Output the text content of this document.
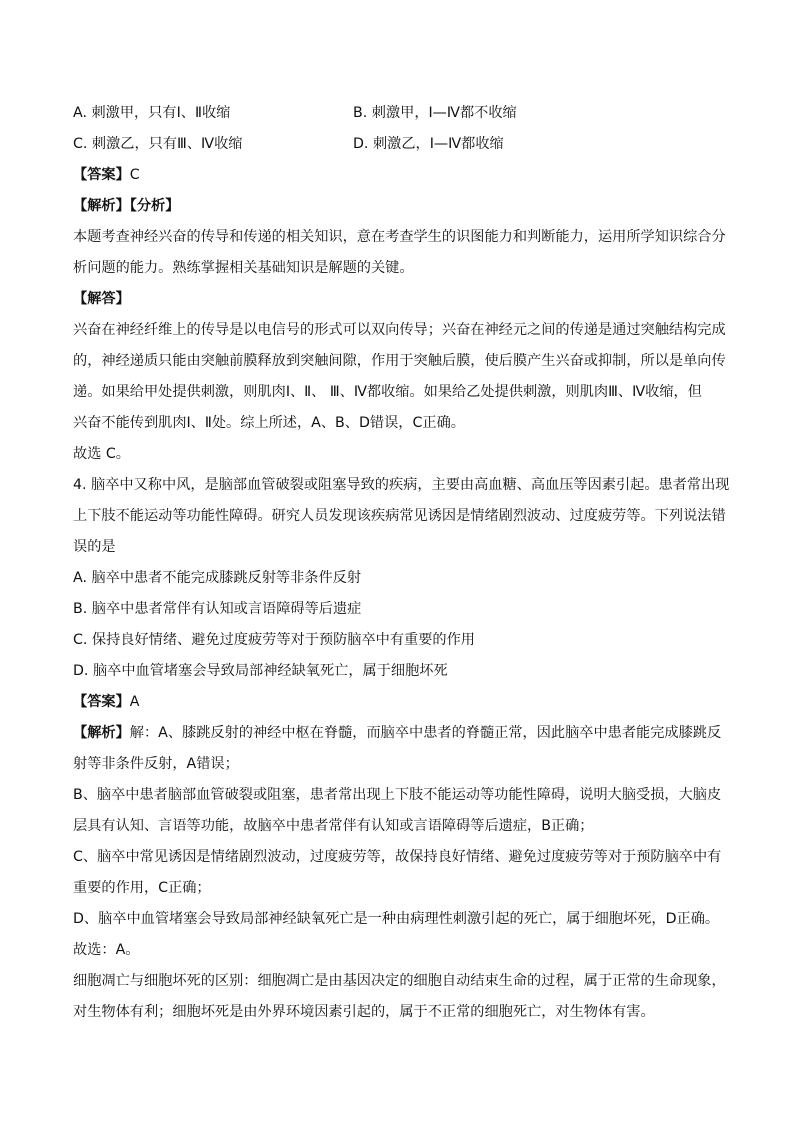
A. 刺激甲，只有Ⅰ、Ⅱ收缩	B. 刺激甲，Ⅰ—Ⅳ都不收缩
C. 刺激乙，只有Ⅲ、Ⅳ收缩	D. 刺激乙，Ⅰ—Ⅳ都收缩
【答案】C
【解析】【分析】
本题考查神经兴奋的传导和传递的相关知识，意在考查学生的识图能力和判断能力，运用所学知识综合分
析问题的能力。熟练掌握相关基础知识是解题的关键。
【解答】
兴奋在神经纤维上的传导是以电信号的形式可以双向传导；兴奋在神经元之间的传递是通过突触结构完成
的，神经递质只能由突触前膜释放到突触间隙，作用于突触后膜，使后膜产生兴奋或抑制，所以是单向传
递。如果给甲处提供刺激，则肌肉Ⅰ、Ⅱ、 Ⅲ、Ⅳ都收缩。如果给乙处提供刺激，则肌肉Ⅲ、Ⅳ收缩，但
兴奋不能传到肌肉Ⅰ、Ⅱ处。综上所述，A、B、D错误，C正确。
故选 C。
4. 脑卒中又称中风，是脑部血管破裂或阻塞导致的疾病，主要由高血糖、高血压等因素引起。患者常出现
上下肢不能运动等功能性障碍。研究人员发现该疾病常见诱因是情绪剧烈波动、过度疲劳等。下列说法错
误的是
A. 脑卒中患者不能完成膝跳反射等非条件反射
B. 脑卒中患者常伴有认知或言语障碍等后遗症
C. 保持良好情绪、避免过度疲劳等对于预防脑卒中有重要的作用
D. 脑卒中血管堵塞会导致局部神经缺氧死亡，属于细胞坏死
【答案】A
【解析】解：A、膝跳反射的神经中枢在脊髓，而脑卒中患者的脊髓正常，因此脑卒中患者能完成膝跳反
射等非条件反射，A错误；
B、脑卒中患者脑部血管破裂或阻塞，患者常出现上下肢不能运动等功能性障碍，说明大脑受损，大脑皮
层具有认知、言语等功能，故脑卒中患者常伴有认知或言语障碍等后遗症，B正确；
C、脑卒中常见诱因是情绪剧烈波动，过度疲劳等，故保持良好情绪、避免过度疲劳等对于预防脑卒中有
重要的作用，C正确；
D、脑卒中血管堵塞会导致局部神经缺氧死亡是一种由病理性刺激引起的死亡，属于细胞坏死，D正确。
故选：A。
细胞凋亡与细胞坏死的区别：细胞凋亡是由基因决定的细胞自动结束生命的过程，属于正常的生命现象，
对生物体有利；细胞坏死是由外界环境因素引起的，属于不正常的细胞死亡，对生物体有害。
